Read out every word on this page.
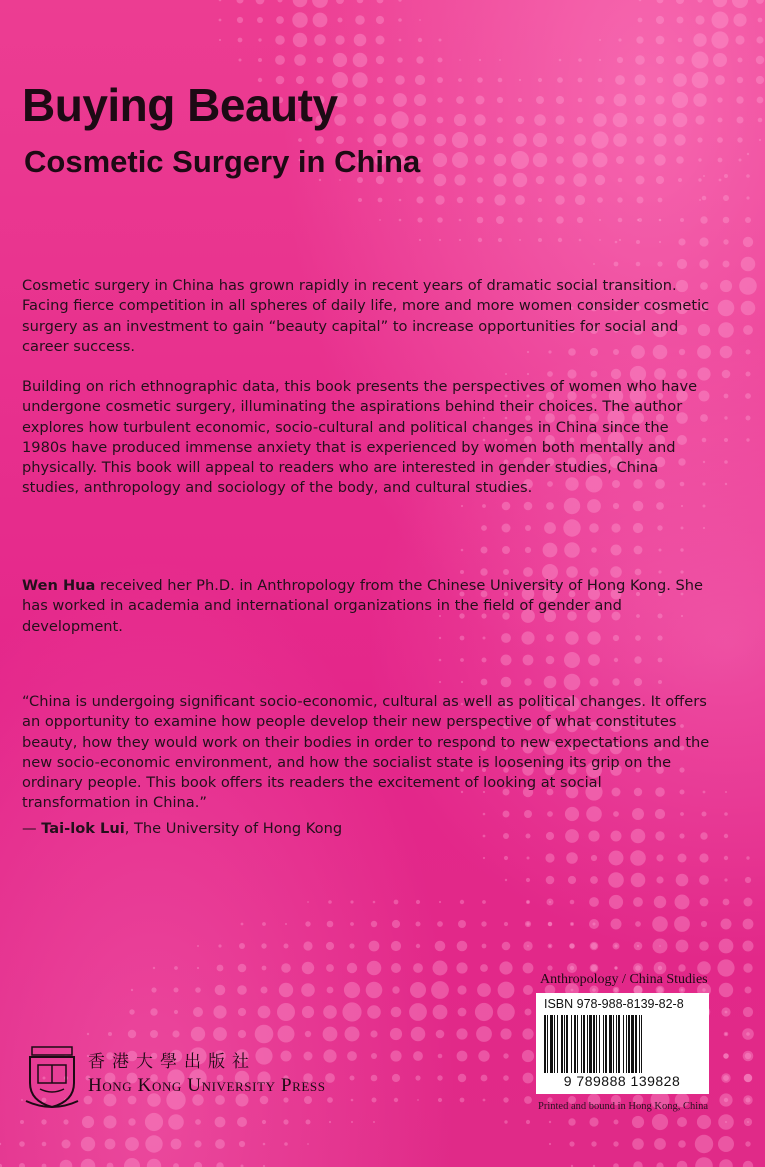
Buying Beauty
Cosmetic Surgery in China

Cosmetic surgery in China has grown rapidly in recent years of dramatic social transition. Facing fierce competition in all spheres of daily life, more and more women consider cosmetic surgery as an investment to gain “beauty capital” to increase opportunities for social and career success.

Building on rich ethnographic data, this book presents the perspectives of women who have undergone cosmetic surgery, illuminating the aspirations behind their choices. The author explores how turbulent economic, socio-cultural and political changes in China since the 1980s have produced immense anxiety that is experienced by women both mentally and physically. This book will appeal to readers who are interested in gender studies, China studies, anthropology and sociology of the body, and cultural studies.

Wen Hua received her Ph.D. in Anthropology from the Chinese University of Hong Kong. She has worked in academia and international organizations in the field of gender and development.

“China is undergoing significant socio-economic, cultural as well as political changes. It offers an opportunity to examine how people develop their new perspective of what constitutes beauty, how they would work on their bodies in order to respond to new expectations and the new socio-economic environment, and how the socialist state is loosening its grip on the ordinary people. This book offers its readers the excitement of looking at social transformation in China.”

— Tai-lok Lui, The University of Hong Kong

Anthropology / China Studies

ISBN 978-988-8139-82-8

9 789888 139828

Printed and bound in Hong Kong, China

香港大學出版社

Hong Kong University Press
